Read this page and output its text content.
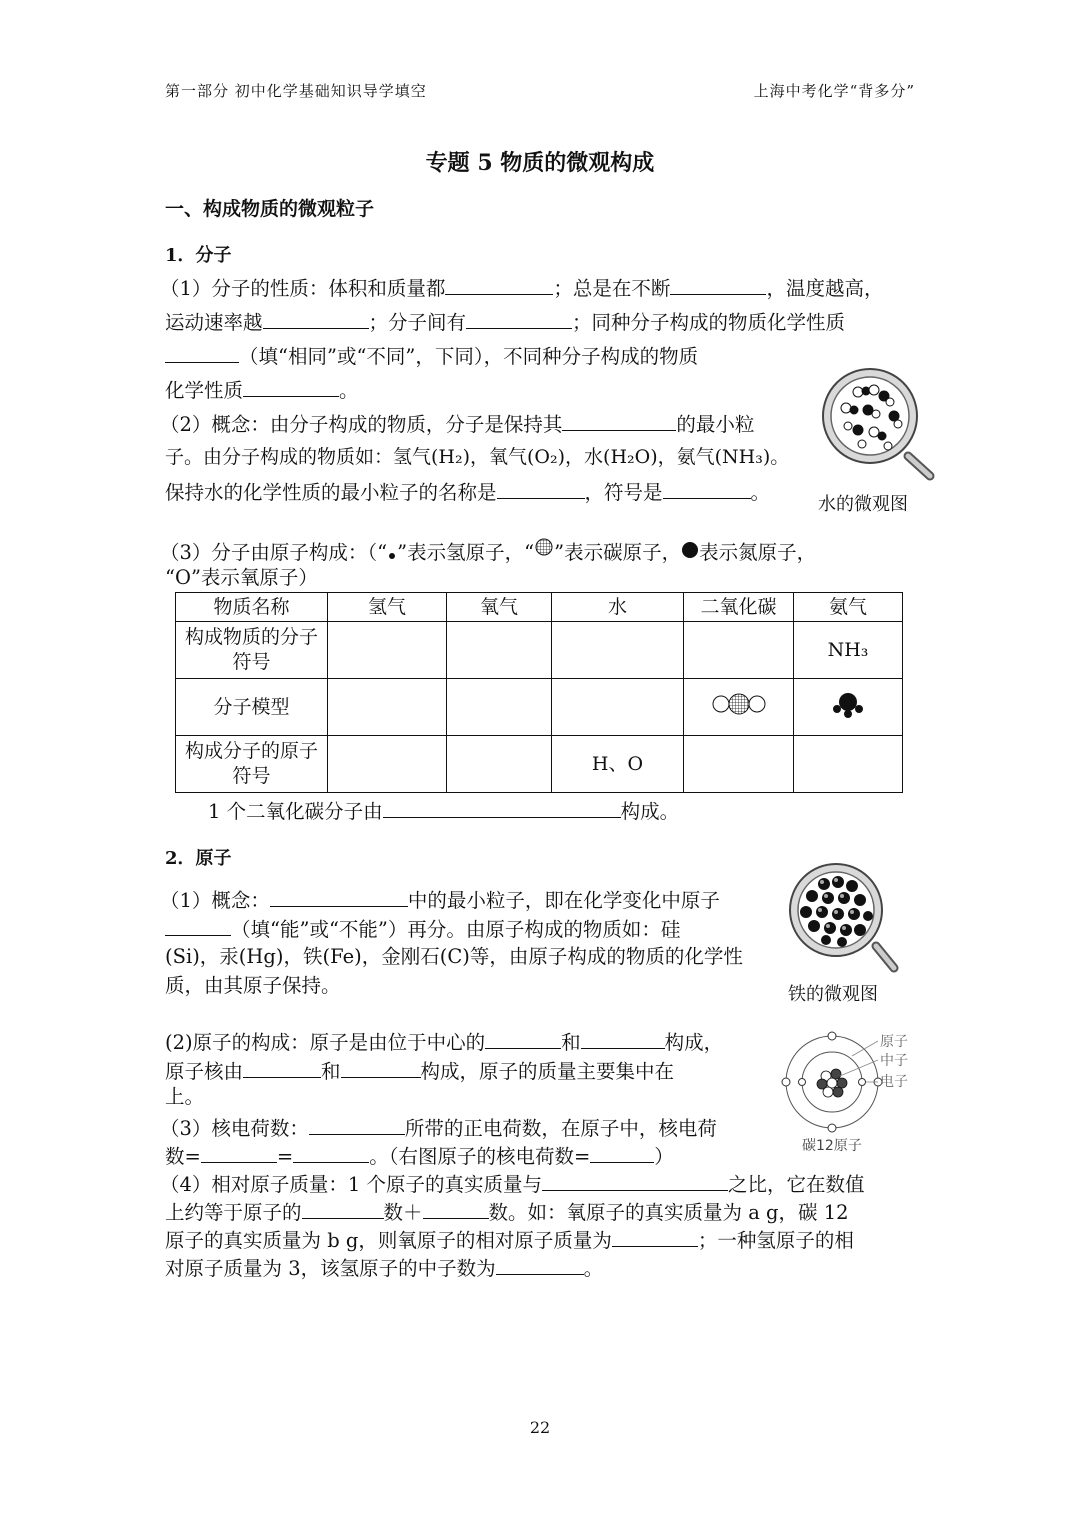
第一部分 初中化学基础知识导学填空	上海中考化学“背多分”
专题 5 物质的微观构成
一、构成物质的微观粒子
1．分子
（1）分子的性质：体积和质量都	；总是在不断	，温度越高，
运动速率越	；分子间有	；同种分子构成的物质化学性质
（填“相同”或“不同”，下同），不同种分子构成的物质
化学性质	。
（2）概念：由分子构成的物质，分子是保持其	的最小粒
子。由分子构成的物质如：氢气(H₂)，氧气(O₂)，水(H₂O)，氨气(NH₃)。
保持水的化学性质的最小粒子的名称是	，符号是	。
水的微观图
（3）分子由原子构成：（“ ”表示氢原子，“ ”表示碳原子， 表示氮原子，
“O”表示氧原子）
物质名称	氢气	氧气	水	二氧化碳	氨气
构成物质的分子符号					NH₃
分子模型					
构成分子的原子符号			H、O		
1 个二氧化碳分子由	构成。
2．原子
（1）概念：	中的最小粒子，即在化学变化中原子
（填“能”或“不能”）再分。由原子构成的物质如：硅
(Si)，汞(Hg)，铁(Fe)，金刚石(C)等，由原子构成的物质的化学性
质，由其原子保持。	铁的微观图
(2)原子的构成：原子是由位于中心的	和	构成，
原子核由	和	构成，原子的质量主要集中在
上。
（3）核电荷数：	所带的正电荷数，在原子中，核电荷
数=	=	。（右图原子的核电荷数=	）
原子
中子
电子
碳12原子
（4）相对原子质量：1 个原子的真实质量与	之比，它在数值
上约等于原子的	数＋	数。如：氧原子的真实质量为 a g，碳 12
原子的真实质量为 b g，则氧原子的相对原子质量为	；一种氢原子的相
对原子质量为 3，该氢原子的中子数为	。
22
